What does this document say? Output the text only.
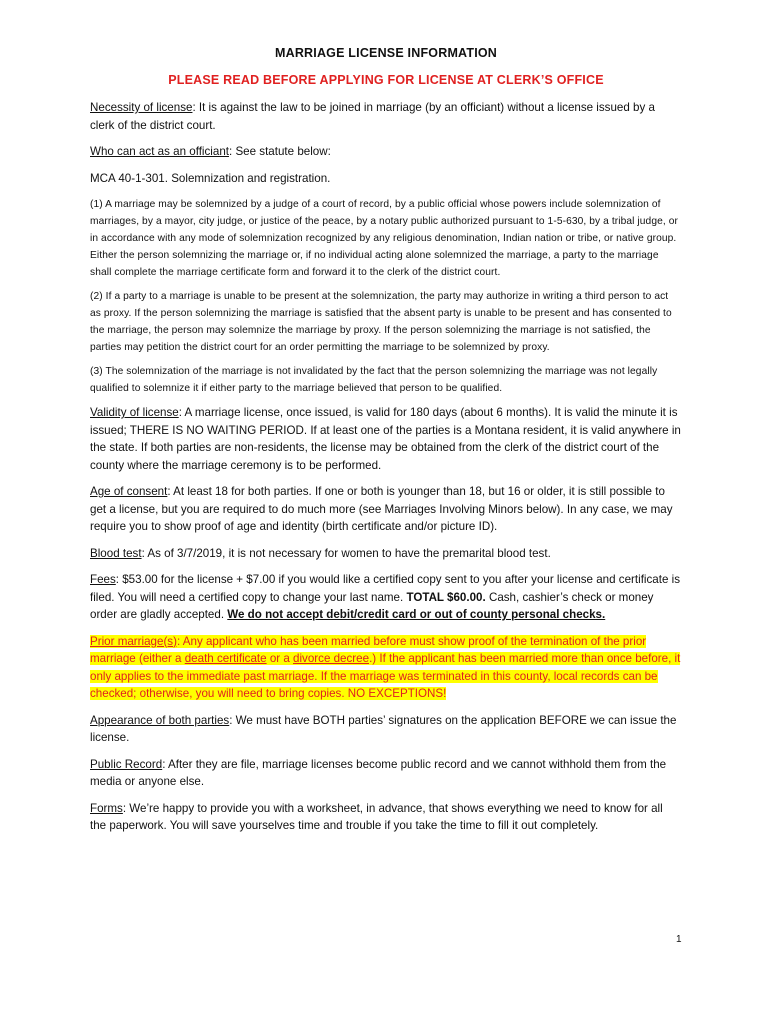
MARRIAGE LICENSE INFORMATION
PLEASE READ BEFORE APPLYING FOR LICENSE AT CLERK’S OFFICE

Necessity of license: It is against the law to be joined in marriage (by an officiant) without a license issued by a clerk of the district court.

Who can act as an officiant: See statute below:

MCA 40-1-301. Solemnization and registration.

(1) A marriage may be solemnized by a judge of a court of record, by a public official whose powers include solemnization of marriages, by a mayor, city judge, or justice of the peace, by a notary public authorized pursuant to 1-5-630, by a tribal judge, or in accordance with any mode of solemnization recognized by any religious denomination, Indian nation or tribe, or native group. Either the person solemnizing the marriage or, if no individual acting alone solemnized the marriage, a party to the marriage shall complete the marriage certificate form and forward it to the clerk of the district court.

(2) If a party to a marriage is unable to be present at the solemnization, the party may authorize in writing a third person to act as proxy. If the person solemnizing the marriage is satisfied that the absent party is unable to be present and has consented to the marriage, the person may solemnize the marriage by proxy. If the person solemnizing the marriage is not satisfied, the parties may petition the district court for an order permitting the marriage to be solemnized by proxy.

(3) The solemnization of the marriage is not invalidated by the fact that the person solemnizing the marriage was not legally qualified to solemnize it if either party to the marriage believed that person to be qualified.

Validity of license: A marriage license, once issued, is valid for 180 days (about 6 months). It is valid the minute it is issued; THERE IS NO WAITING PERIOD. If at least one of the parties is a Montana resident, it is valid anywhere in the state. If both parties are non-residents, the license may be obtained from the clerk of the district court of the county where the marriage ceremony is to be performed.

Age of consent: At least 18 for both parties. If one or both is younger than 18, but 16 or older, it is still possible to get a license, but you are required to do much more (see Marriages Involving Minors below). In any case, we may require you to show proof of age and identity (birth certificate and/or picture ID).

Blood test: As of 3/7/2019, it is not necessary for women to have the premarital blood test.

Fees: $53.00 for the license + $7.00 if you would like a certified copy sent to you after your license and certificate is filed. You will need a certified copy to change your last name. TOTAL $60.00. Cash, cashier’s check or money order are gladly accepted. We do not accept debit/credit card or out of county personal checks.

Prior marriage(s): Any applicant who has been married before must show proof of the termination of the prior marriage (either a death certificate or a divorce decree.) If the applicant has been married more than once before, it only applies to the immediate past marriage. If the marriage was terminated in this county, local records can be checked; otherwise, you will need to bring copies. NO EXCEPTIONS!

Appearance of both parties: We must have BOTH parties’ signatures on the application BEFORE we can issue the license.

Public Record: After they are file, marriage licenses become public record and we cannot withhold them from the media or anyone else.

Forms: We’re happy to provide you with a worksheet, in advance, that shows everything we need to know for all the paperwork. You will save yourselves time and trouble if you take the time to fill it out completely.

1
